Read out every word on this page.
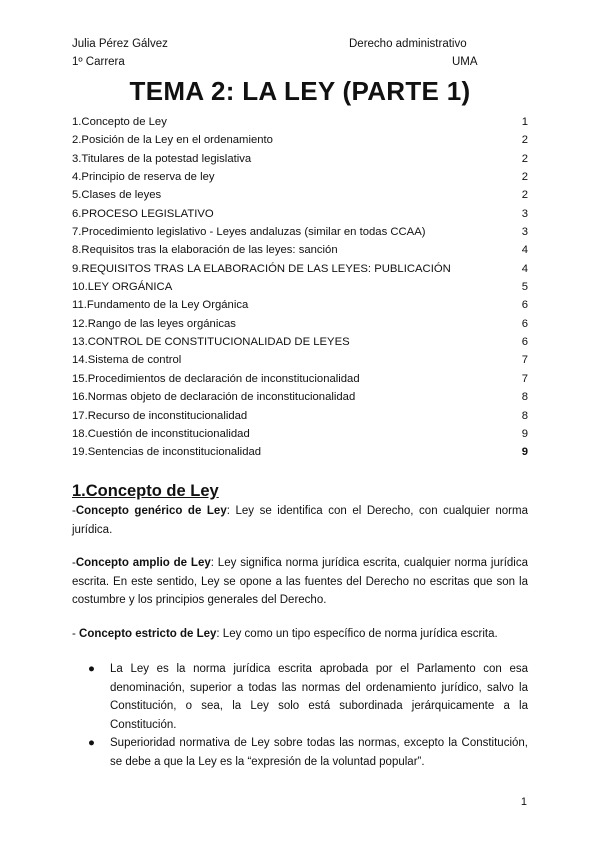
Julia Pérez Gálvez
1º Carrera
Derecho administrativo
UMA
TEMA 2: LA LEY (PARTE 1)
1.Concepto de Ley	1
2.Posición de la Ley en el ordenamiento	2
3.Titulares de la potestad legislativa	2
4.Principio de reserva de ley	2
5.Clases de leyes	2
6.PROCESO LEGISLATIVO	3
7.Procedimiento legislativo - Leyes andaluzas (similar en todas CCAA)	3
8.Requisitos tras la elaboración de las leyes: sanción	4
9.REQUISITOS TRAS LA ELABORACIÓN DE LAS LEYES: PUBLICACIÓN	4
10.LEY ORGÁNICA	5
11.Fundamento de la Ley Orgánica	6
12.Rango de las leyes orgánicas	6
13.CONTROL DE CONSTITUCIONALIDAD DE LEYES	6
14.Sistema de control	7
15.Procedimientos de declaración de inconstitucionalidad	7
16.Normas objeto de declaración de inconstitucionalidad	8
17.Recurso de inconstitucionalidad	8
18.Cuestión de inconstitucionalidad	9
19.Sentencias de inconstitucionalidad	9
1.Concepto de Ley
-Concepto genérico de Ley: Ley se identifica con el Derecho, con cualquier norma jurídica.
-Concepto amplio de Ley: Ley significa norma jurídica escrita, cualquier norma jurídica escrita. En este sentido, Ley se opone a las fuentes del Derecho no escritas que son la costumbre y los principios generales del Derecho.
- Concepto estricto de Ley: Ley como un tipo específico de norma jurídica escrita.
● La Ley es la norma jurídica escrita aprobada por el Parlamento con esa denominación, superior a todas las normas del ordenamiento jurídico, salvo la Constitución, o sea, la Ley solo está subordinada jerárquicamente a la Constitución.
● Superioridad normativa de Ley sobre todas las normas, excepto la Constitución, se debe a que la Ley es la “expresión de la voluntad popular”.
1
